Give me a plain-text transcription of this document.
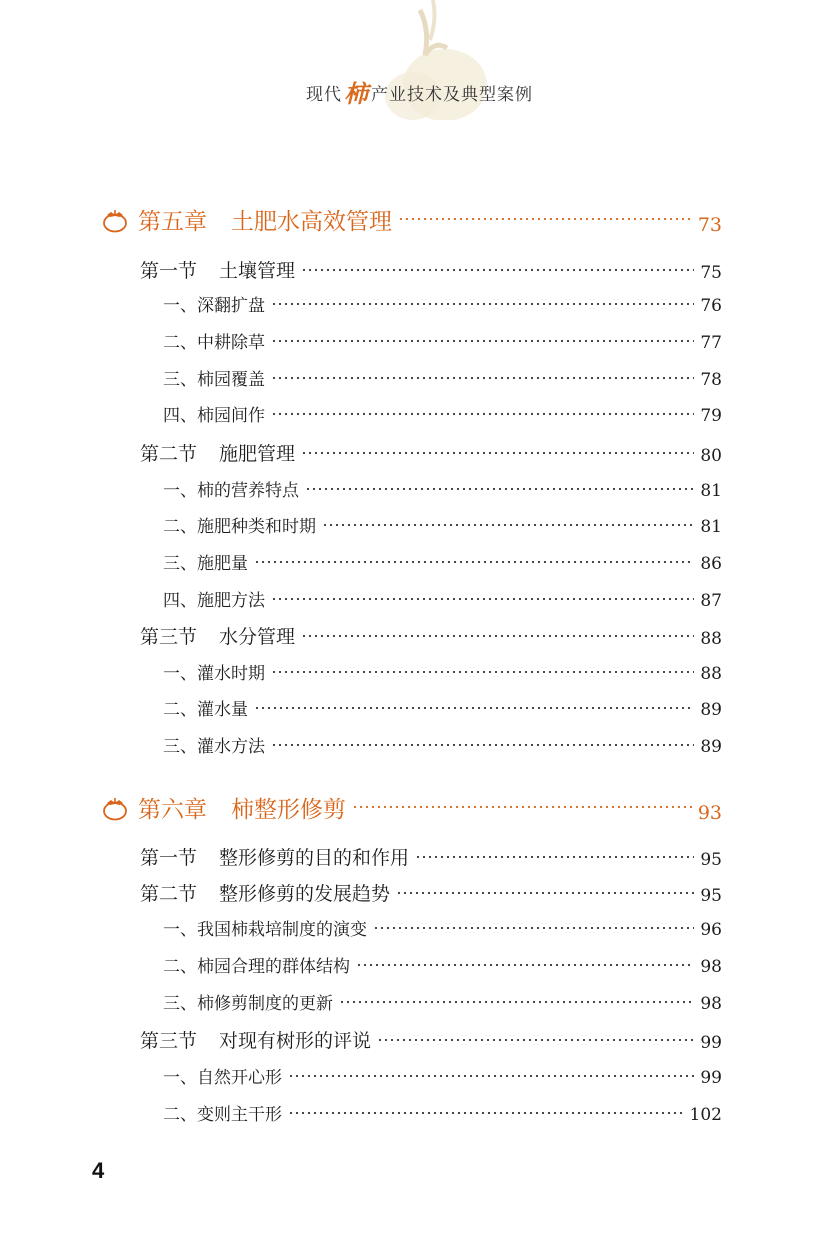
现代柿 产业技术及典型案例
第五章 土肥水高效管理	73
第一节 土壤管理	75
一、深翻扩盘	76
二、中耕除草	77
三、柿园覆盖	78
四、柿园间作	79
第二节 施肥管理	80
一、柿的营养特点	81
二、施肥种类和时期	81
三、施肥量	86
四、施肥方法	87
第三节 水分管理	88
一、灌水时期	88
二、灌水量	89
三、灌水方法	89
第六章 柿整形修剪	93
第一节 整形修剪的目的和作用	95
第二节 整形修剪的发展趋势	95
一、我国柿栽培制度的演变	96
二、柿园合理的群体结构	98
三、柿修剪制度的更新	98
第三节 对现有树形的评说	99
一、自然开心形	99
二、变则主干形	102
4
